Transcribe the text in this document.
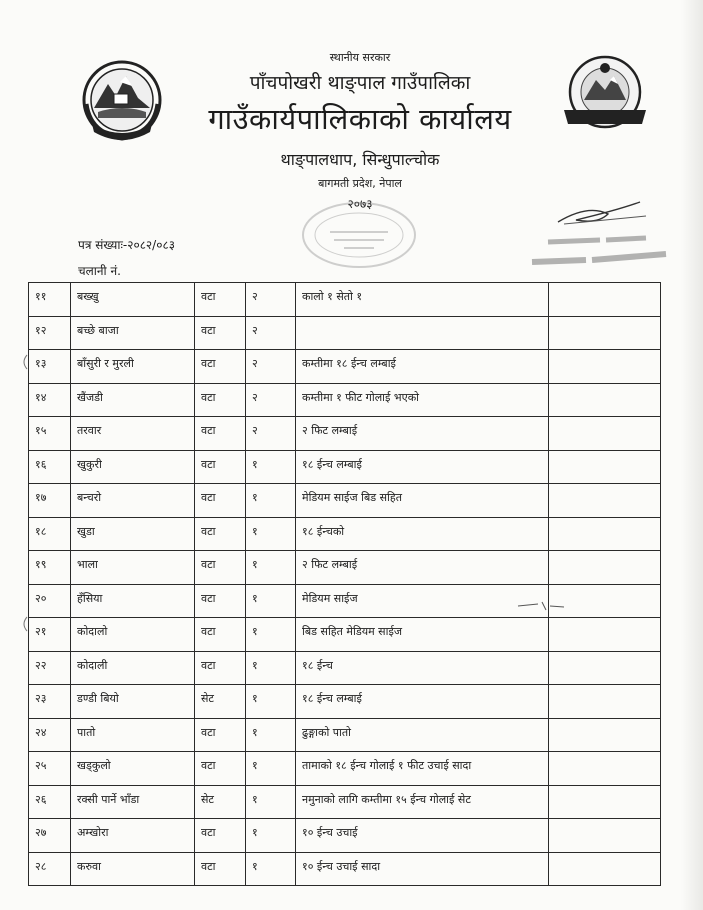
स्थानीय सरकार
पाँचपोखरी थाङ्पाल गाउँपालिका
गाउँकार्यपालिकाको कार्यालय
थाङ्पालधाप, सिन्धुपाल्चोक
बागमती प्रदेश, नेपाल
२०७३
पत्र संख्याः-२०८२/०८३
चलानी नं.
११	बख्खु	वटा	२	कालो १ सेतो १	
१२	बच्छे बाजा	वटा	२		
१३	बाँसुरी र मुरली	वटा	२	कम्तीमा १८ ईन्च लम्बाई	
१४	खैंजडी	वटा	२	कम्तीमा १ फीट गोलाई भएको	
१५	तरवार	वटा	२	२ फिट लम्बाई	
१६	खुकुरी	वटा	१	१८ ईन्च लम्बाई	
१७	बन्चरो	वटा	१	मेडियम साईज बिड सहित	
१८	खुडा	वटा	१	१८ ईन्चको	
१९	भाला	वटा	१	२ फिट लम्बाई	
२०	हँसिया	वटा	१	मेडियम साईज	
२१	कोदालो	वटा	१	बिड सहित मेडियम साईज	
२२	कोदाली	वटा	१	१८ ईन्च	
२३	डण्डी बियो	सेट	१	१८ ईन्च लम्बाई	
२४	पातो	वटा	१	ढुङ्गाको पातो	
२५	खड्कुलो	वटा	१	तामाको १८ ईन्च गोलाई १ फीट उचाई सादा	
२६	रक्सी पार्ने भाँडा	सेट	१	नमुनाको लागि कम्तीमा १५ ईन्च गोलाई सेट	
२७	अम्खोरा	वटा	१	१० ईन्च उचाई	
२८	करुवा	वटा	१	१० ईन्च उचाई सादा	
